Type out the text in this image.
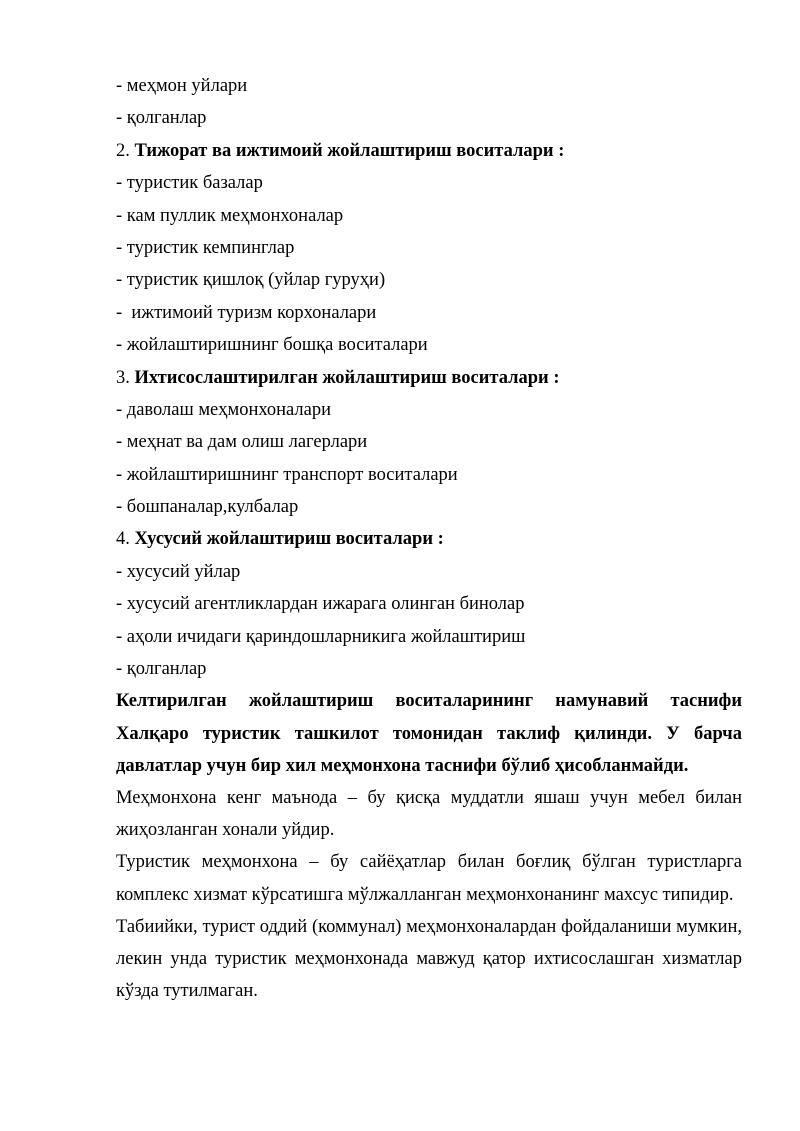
- меҳмон уйлари
- қолганлар
2. Тижорат ва ижтимоий жойлаштириш воситалари :
- туристик базалар
- кам пуллик меҳмонхоналар
- туристик кемпинглар
- туристик қишлоқ (уйлар гуруҳи)
-  ижтимоий туризм корхоналари
- жойлаштиришнинг бошқа воситалари
3. Ихтисослаштирилган жойлаштириш воситалари :
- даволаш меҳмонхоналари
- меҳнат ва дам олиш лагерлари
- жойлаштиришнинг транспорт воситалари
- бошпаналар,кулбалар
4. Хусусий жойлаштириш воситалари :
- хусусий уйлар
- хусусий агентликлардан ижарага олинган бинолар
- аҳоли ичидаги қариндошларникига жойлаштириш
- қолганлар

Келтирилган жойлаштириш воситаларининг намунавий таснифи Халқаро туристик ташкилот томонидан таклиф қилинди. У барча давлатлар учун бир хил меҳмонхона таснифи бўлиб ҳисобланмайди.

Меҳмонхона кенг маънода – бу қисқа муддатли яшаш учун мебел билан жиҳозланган хонали уйдир.

Туристик меҳмонхона – бу сайёҳатлар билан боғлиқ бўлган туристларга комплекс хизмат кўрсатишга мўлжалланган меҳмонхонанинг махсус типидир.

Табиийки, турист оддий (коммунал) меҳмонхоналардан фойдаланиши мумкин, лекин унда туристик меҳмонхонада мавжуд қатор ихтисослашган хизматлар кўзда тутилмаган.
